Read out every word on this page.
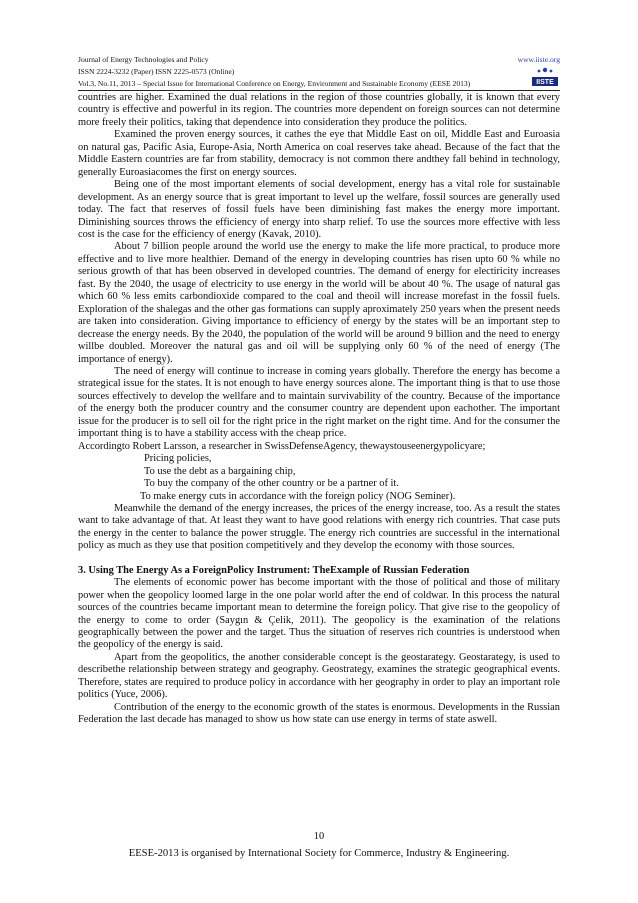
Journal of Energy Technologies and Policy	www.iiste.org
ISSN 2224-3232 (Paper) ISSN 2225-0573 (Online)
Vol.3, No.11, 2013 – Special Issue for International Conference on Energy, Environment and Sustainable Economy (EESE 2013)	IISTE

countries are higher. Examined the dual relations in the region of those countries globally, it is known that every country is effective and powerful in its region. The countries more dependent on foreign sources can not determine more freely their politics, taking that dependence into consideration they produce the politics.

Examined the proven energy sources, it cathes the eye that Middle East on oil, Middle East and Euroasia on natural gas, Pacific Asia, Europe-Asia, North America on coal reserves take ahead. Because of the fact that the Middle Eastern countries are far from stability, democracy is not common there andthey fall behind in technology, generally Euroasiacomes the first on energy sources.

Being one of the most important elements of social development, energy has a vital role for sustainable development. As an energy source that is great important to level up the welfare, fossil sources are generally used today. The fact that reserves of fossil fuels have been diminishing fast makes the energy more important. Diminishing sources throws the efficiency of energy into sharp relief. To use the sources more effective with less cost is the case for the efficiency of energy (Kavak, 2010).

About 7 billion people around the world use the energy to make the life more practical, to produce more effective and to live more healthier. Demand of the energy in developing countries has risen upto 60 % while no serious growth of that has been observed in developed countries. The demand of energy for electiricity increases fast. By the 2040, the usage of electricity to use energy in the world will be about 40 %. The usage of natural gas which 60 % less emits carbondioxide compared to the coal and theoil will increase morefast in the fossil fuels. Exploration of the shalegas and the other gas formations can supply aproximately 250 years when the present needs are taken into consideration. Giving importance to efficiency of energy by the states will be an important step to decrease the energy needs. By the 2040, the population of the world will be around 9 billion and the need to energy willbe doubled. Moreover the natural gas and oil will be supplying only 60 % of the need of energy (The importance of energy).

The need of energy will continue to increase in coming years globally. Therefore the energy has become a strategical issue for the states. It is not enough to have energy sources alone. The important thing is that to use those sources effectively to develop the wellfare and to maintain survivability of the country. Because of the importance of the energy both the producer country and the consumer country are dependent upon eachother. The important issue for the producer is to sell oil for the right price in the right market on the right time. And for the consumer the important thing is to have a stability access with the cheap price.

Accordingto Robert Larsson, a researcher in SwissDefenseAgency, thewaystouseenergypolicyare;

Pricing policies,

To use the debt as a bargaining chip,

To buy the company of the other country or be a partner of it.

To make energy cuts in accordance with the foreign policy (NOG Seminer).

Meanwhile the demand of the energy increases, the prices of the energy increase, too. As a result the states want to take advantage of that. At least they want to have good relations with energy rich countries. That case puts the energy in the center to balance the power struggle. The energy rich countries are successful in the international policy as much as they use that position competitively and they develop the economy with those sources.

3. Using The Energy As a ForeignPolicy Instrument: TheExample of Russian Federation

The elements of economic power has become important with the those of political and those of military power when the geopolicy loomed large in the one polar world after the end of coldwar. In this process the natural sources of the countries became important mean to determine the foreign policy. That give rise to the geopolicy of the energy to come to order (Saygın & Çelik, 2011). The geopolicy is the examination of the relations geographically between the power and the target. Thus the situation of reserves rich countries is understood when the geopolicy of the energy is said.

Apart from the geopolitics, the another considerable concept is the geostarategy. Geostarategy, is used to describethe relationship between strategy and geography. Geostrategy, examines the strategic geographical events. Therefore, states are required to produce policy in accordance with her geography in order to play an important role politics (Yuce, 2006).

Contribution of the energy to the economic growth of the states is enormous. Developments in the Russian Federation the last decade has managed to show us how state can use energy in terms of state aswell.

10
EESE-2013 is organised by International Society for Commerce, Industry & Engineering.
